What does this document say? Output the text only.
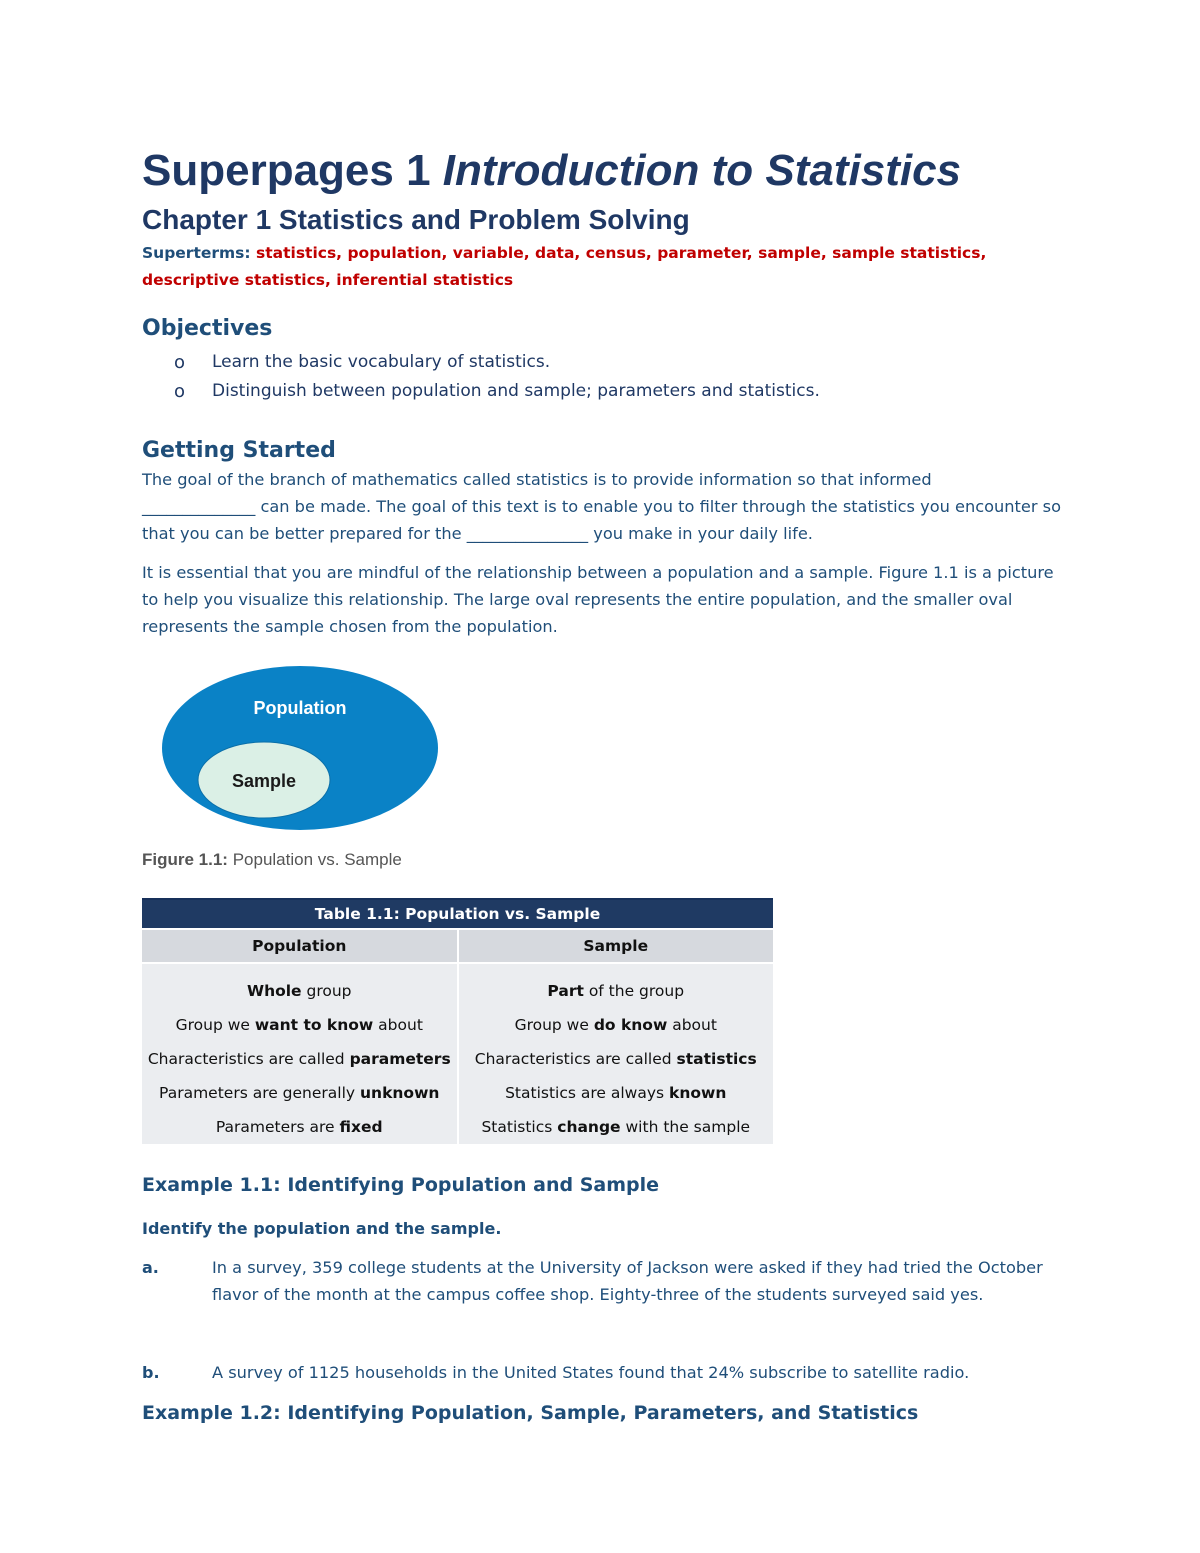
Superpages 1 Introduction to Statistics
Chapter 1 Statistics and Problem Solving

Superterms: statistics, population, variable, data, census, parameter, sample, sample statistics,
descriptive statistics, inferential statistics

Objectives
o Learn the basic vocabulary of statistics.
o Distinguish between population and sample; parameters and statistics.
Getting Started

The goal of the branch of mathematics called statistics is to provide information so that informed
______________ can be made. The goal of this text is to enable you to filter through the statistics you encounter so that you can be better prepared for the _______________ you make in your daily life.

It is essential that you are mindful of the relationship between a population and a sample. Figure 1.1 is a picture to help you visualize this relationship. The large oval represents the entire population, and the smaller oval represents the sample chosen from the population.

Population
Sample
Figure 1.1: Population vs. Sample
Table 1.1: Population vs. Sample	
Population	Sample
Whole group	Part of the group
Group we want to know about	Group we do know about
Characteristics are called parameters	Characteristics are called statistics
Parameters are generally unknown	Statistics are always known
Parameters are fixed	Statistics change with the sample
Example 1.1: Identifying Population and Sample

Identify the population and the sample.

a.	In a survey, 359 college students at the University of Jackson were asked if they had tried the October flavor of the month at the campus coffee shop. Eighty-three of the students surveyed said yes.
b.	A survey of 1125 households in the United States found that 24% subscribe to satellite radio.
Example 1.2: Identifying Population, Sample, Parameters, and Statistics
